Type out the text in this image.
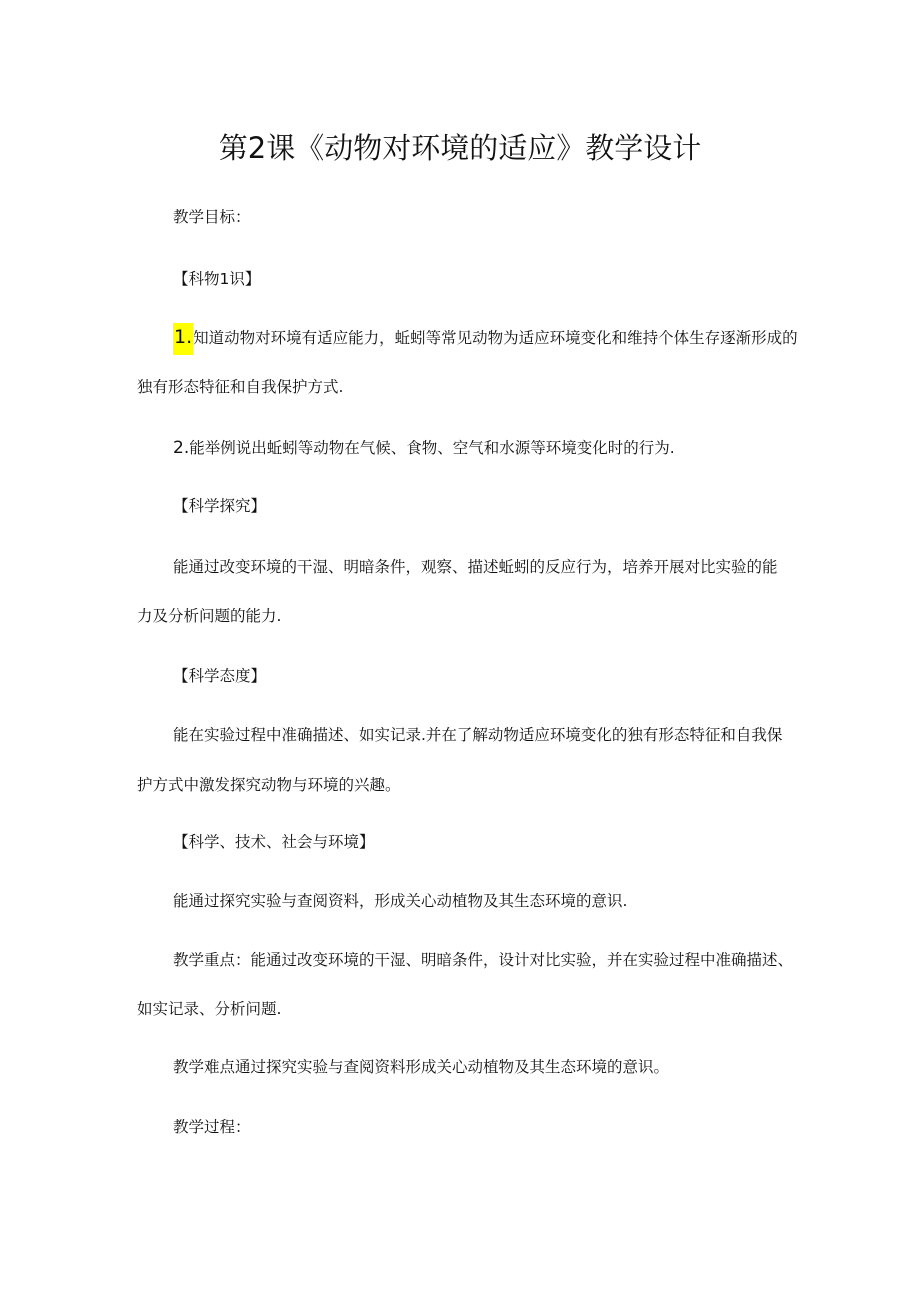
第2课《动物对环境的适应》教学设计
教学目标：
【科物1识】
1.知道动物对环境有适应能力，蚯蚓等常见动物为适应环境变化和维持个体生存逐渐形成的
独有形态特征和自我保护方式.
2.能举例说出蚯蚓等动物在气候、食物、空气和水源等环境变化时的行为.
【科学探究】
能通过改变环境的干湿、明暗条件，观察、描述蚯蚓的反应行为，培养开展对比实验的能
力及分析问题的能力.
【科学态度】
能在实验过程中准确描述、如实记录.并在了解动物适应环境变化的独有形态特征和自我保
护方式中激发探究动物与环境的兴趣。
【科学、技术、社会与环境】
能通过探究实验与查阅资料，形成关心动植物及其生态环境的意识.
教学重点：能通过改变环境的干湿、明暗条件，设计对比实验，并在实验过程中准确描述、
如实记录、分析问题.
教学难点通过探究实验与查阅资料形成关心动植物及其生态环境的意识。
教学过程：
